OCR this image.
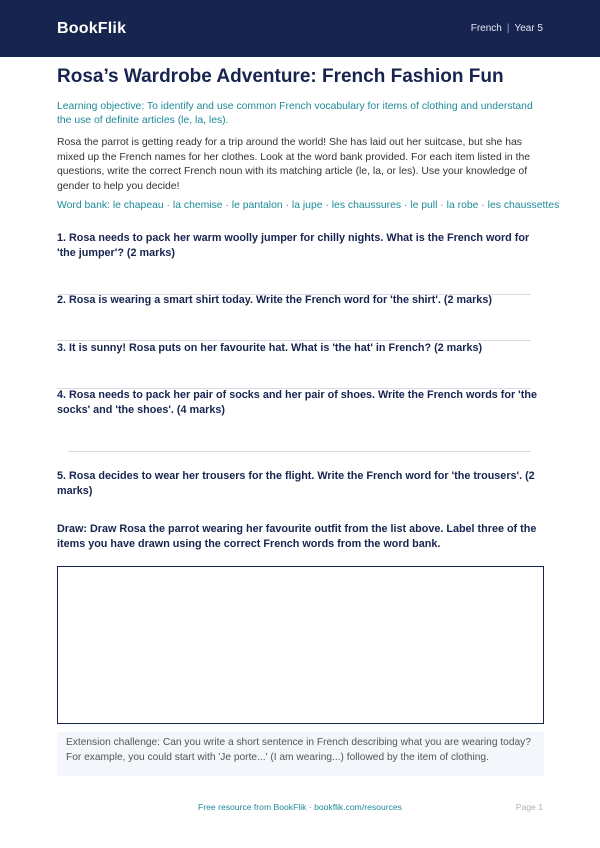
BookFlik	French | Year 5
Rosa’s Wardrobe Adventure: French Fashion Fun

Learning objective: To identify and use common French vocabulary for items of clothing and understand the use of definite articles (le, la, les).

Rosa the parrot is getting ready for a trip around the world! She has laid out her suitcase, but she has mixed up the French names for her clothes. Look at the word bank provided. For each item listed in the questions, write the correct French noun with its matching article (le, la, or les). Use your knowledge of gender to help you decide!

Word bank: le chapeau · la chemise · le pantalon · la jupe · les chaussures · le pull · la robe · les chaussettes

1. Rosa needs to pack her warm woolly jumper for chilly nights. What is the French word for 'the jumper'? (2 marks)
2. Rosa is wearing a smart shirt today. Write the French word for 'the shirt'. (2 marks)
3. It is sunny! Rosa puts on her favourite hat. What is 'the hat' in French? (2 marks)
4. Rosa needs to pack her pair of socks and her pair of shoes. Write the French words for 'the socks' and 'the shoes'. (4 marks)
5. Rosa decides to wear her trousers for the flight. Write the French word for 'the trousers'. (2 marks)
Draw: Draw Rosa the parrot wearing her favourite outfit from the list above. Label three of the items you have drawn using the correct French words from the word bank.
Extension challenge: Can you write a short sentence in French describing what you are wearing today? For example, you could start with 'Je porte...' (I am wearing...) followed by the item of clothing.
Free resource from BookFlik · bookflik.com/resources	Page 1
